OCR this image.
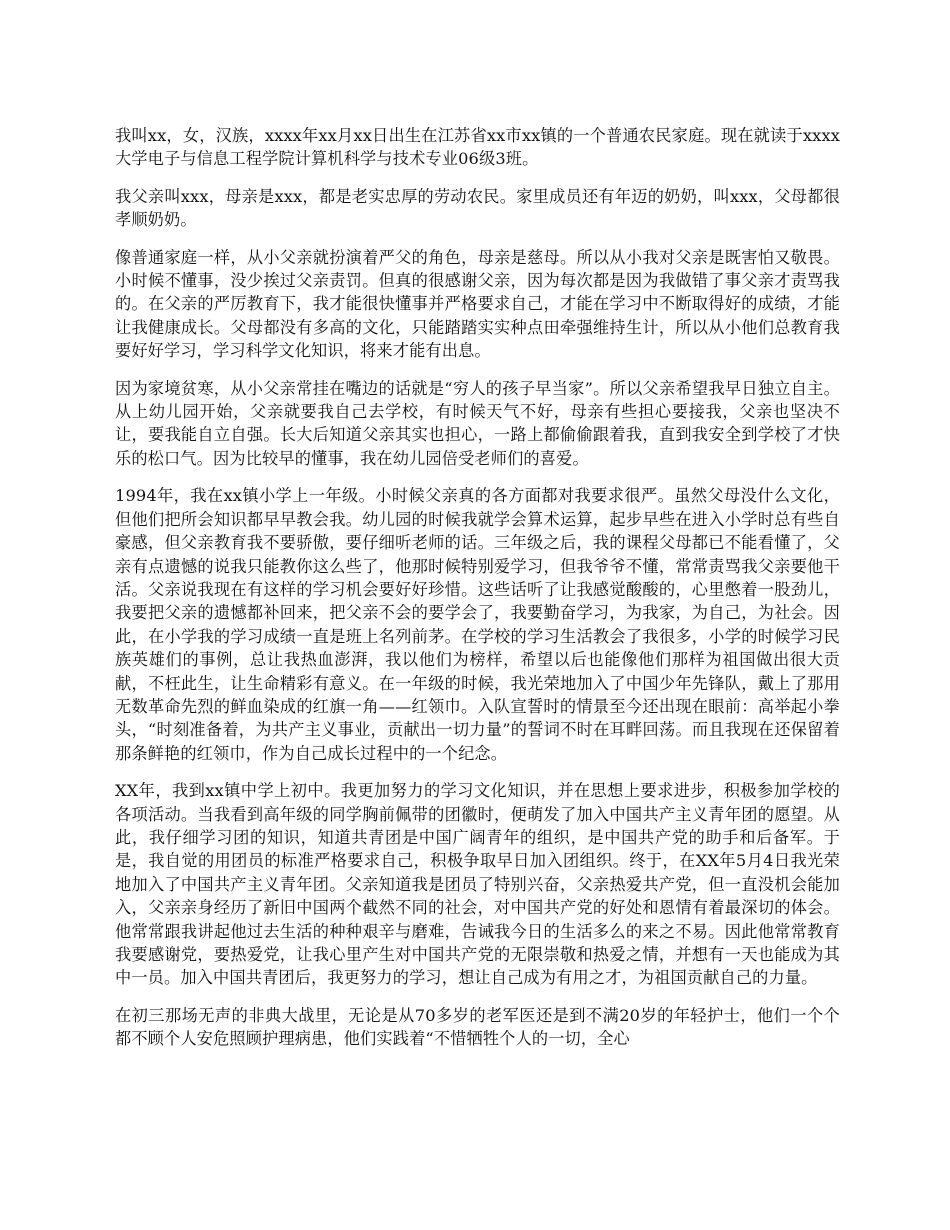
我叫xx，女，汉族，xxxx年xx月xx日出生在江苏省xx市xx镇的一个普通农民家庭。现在就读于xxxx大学电子与信息工程学院计算机科学与技术专业06级3班。

我父亲叫xxx，母亲是xxx，都是老实忠厚的劳动农民。家里成员还有年迈的奶奶，叫xxx，父母都很孝顺奶奶。

像普通家庭一样，从小父亲就扮演着严父的角色，母亲是慈母。所以从小我对父亲是既害怕又敬畏。小时候不懂事，没少挨过父亲责罚。但真的很感谢父亲，因为每次都是因为我做错了事父亲才责骂我的。在父亲的严厉教育下，我才能很快懂事并严格要求自己，才能在学习中不断取得好的成绩，才能让我健康成长。父母都没有多高的文化，只能踏踏实实种点田牵强维持生计，所以从小他们总教育我要好好学习，学习科学文化知识，将来才能有出息。

因为家境贫寒，从小父亲常挂在嘴边的话就是“穷人的孩子早当家”。所以父亲希望我早日独立自主。从上幼儿园开始，父亲就要我自己去学校，有时候天气不好，母亲有些担心要接我，父亲也坚决不让，要我能自立自强。长大后知道父亲其实也担心，一路上都偷偷跟着我，直到我安全到学校了才快乐的松口气。因为比较早的懂事，我在幼儿园倍受老师们的喜爱。

1994年，我在xx镇小学上一年级。小时候父亲真的各方面都对我要求很严。虽然父母没什么文化，但他们把所会知识都早早教会我。幼儿园的时候我就学会算术运算，起步早些在进入小学时总有些自豪感，但父亲教育我不要骄傲，要仔细听老师的话。三年级之后，我的课程父母都已不能看懂了，父亲有点遗憾的说我只能教你这么些了，他那时候特别爱学习，但我爷爷不懂，常常责骂我父亲要他干活。父亲说我现在有这样的学习机会要好好珍惜。这些话听了让我感觉酸酸的，心里憋着一股劲儿，我要把父亲的遗憾都补回来，把父亲不会的要学会了，我要勤奋学习，为我家，为自己，为社会。因此，在小学我的学习成绩一直是班上名列前茅。在学校的学习生活教会了我很多，小学的时候学习民族英雄们的事例，总让我热血澎湃，我以他们为榜样，希望以后也能像他们那样为祖国做出很大贡献，不枉此生，让生命精彩有意义。在一年级的时候，我光荣地加入了中国少年先锋队，戴上了那用无数革命先烈的鲜血染成的红旗一角——红领巾。入队宣誓时的情景至今还出现在眼前：高举起小拳头，“时刻准备着，为共产主义事业，贡献出一切力量”的誓词不时在耳畔回荡。而且我现在还保留着那条鲜艳的红领巾，作为自己成长过程中的一个纪念。

XX年，我到xx镇中学上初中。我更加努力的学习文化知识，并在思想上要求进步，积极参加学校的各项活动。当我看到高年级的同学胸前佩带的团徽时，便萌发了加入中国共产主义青年团的愿望。从此，我仔细学习团的知识，知道共青团是中国广阔青年的组织，是中国共产党的助手和后备军。于是，我自觉的用团员的标准严格要求自己，积极争取早日加入团组织。终于，在XX年5月4日我光荣地加入了中国共产主义青年团。父亲知道我是团员了特别兴奋，父亲热爱共产党，但一直没机会能加入，父亲亲身经历了新旧中国两个截然不同的社会，对中国共产党的好处和恩情有着最深切的体会。他常常跟我讲起他过去生活的种种艰辛与磨难，告诫我今日的生活多么的来之不易。因此他常常教育我要感谢党，要热爱党，让我心里产生对中国共产党的无限崇敬和热爱之情，并想有一天也能成为其中一员。加入中国共青团后，我更努力的学习，想让自己成为有用之才，为祖国贡献自己的力量。

在初三那场无声的非典大战里，无论是从70多岁的老军医还是到不满20岁的年轻护士，他们一个个都不顾个人安危照顾护理病患，他们实践着“不惜牺牲个人的一切，全心
